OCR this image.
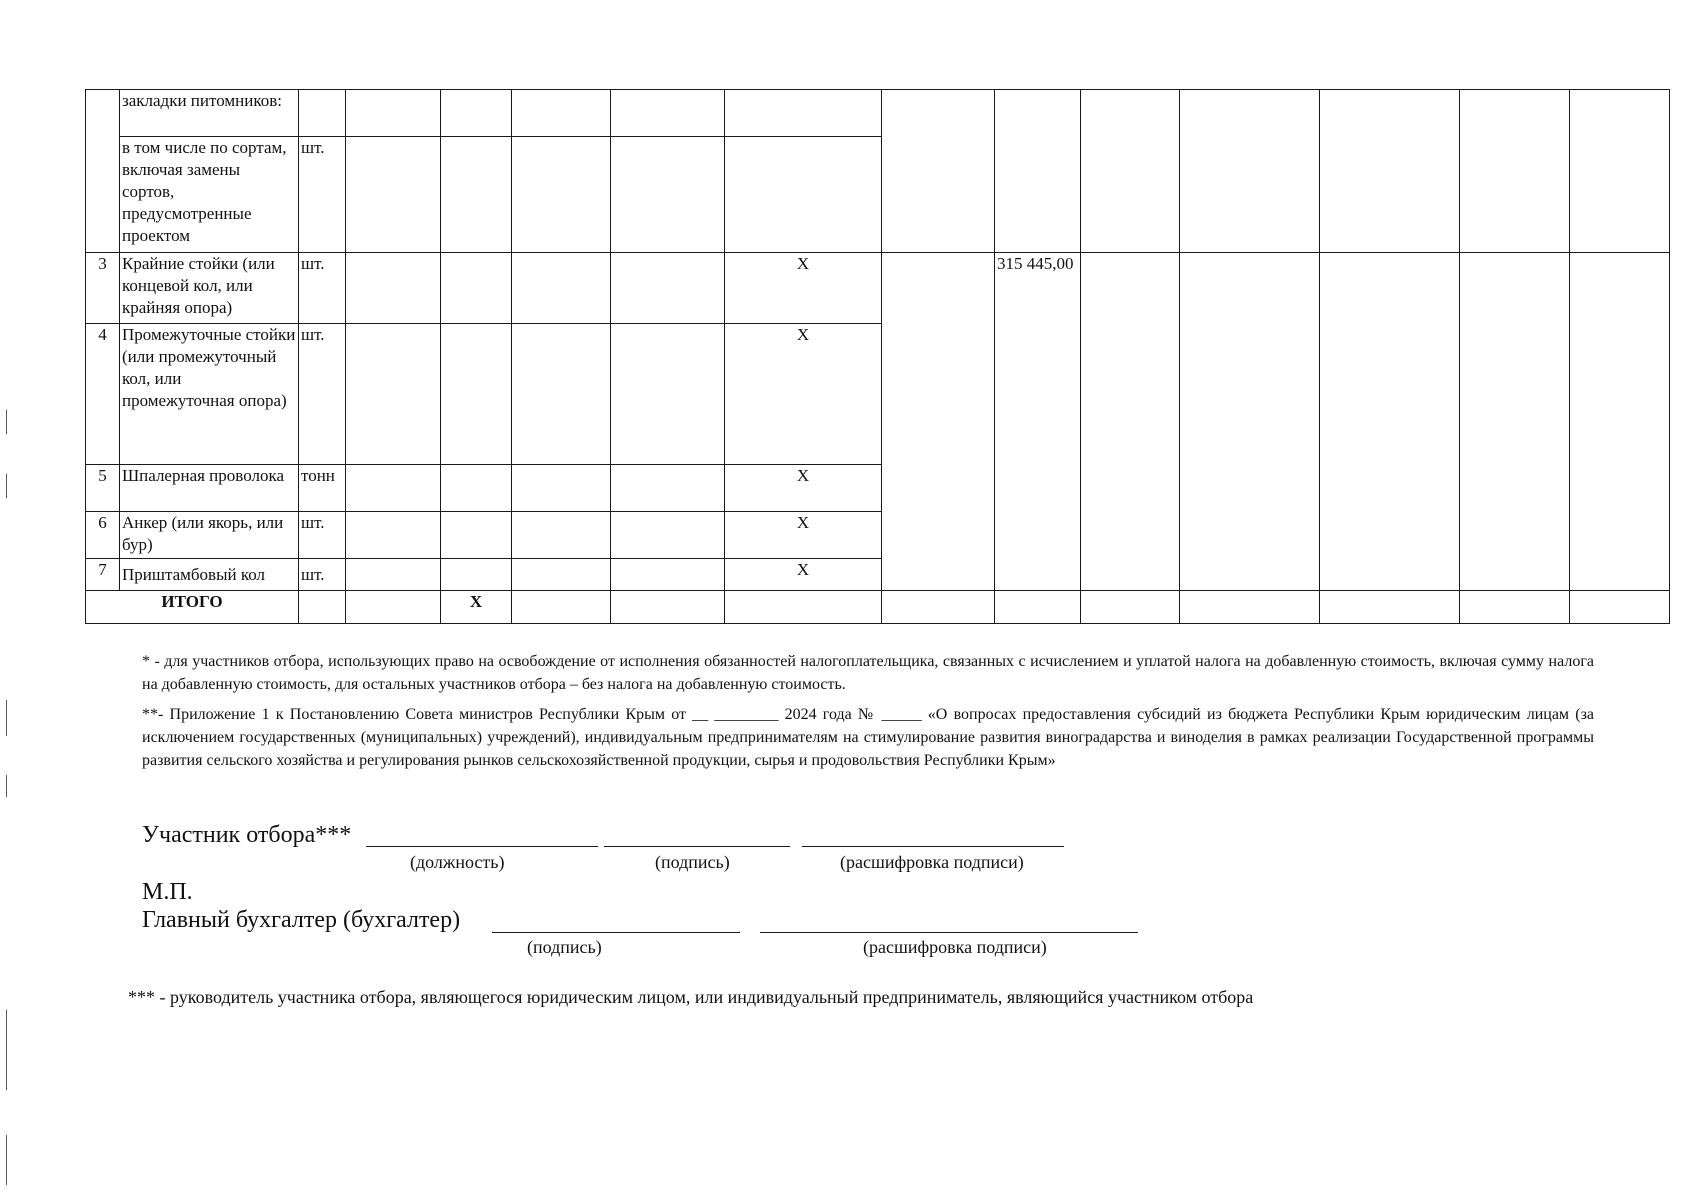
	закладки питомников:													
	в том числе по сортам, включая замены сортов, предусмотренные проектом	шт.												
3	Крайние стойки (или концевой кол, или крайняя опора)	шт.					X		315 445,00					
4	Промежуточные стойки (или промежуточный кол, или промежуточная опора)	шт.					X							
5	Шпалерная проволока	тонн					X							
6	Анкер (или якорь, или бур)	шт.					X							
7	Приштамбовый кол	шт.					X							
ИТОГО				X										
* - для участников отбора, использующих право на освобождение от исполнения обязанностей налогоплательщика, связанных с исчислением и уплатой налога на добавленную стоимость, включая сумму налога на добавленную стоимость, для остальных участников отбора – без налога на добавленную стоимость.
**- Приложение 1 к Постановлению Совета министров Республики Крым от __ ________ 2024 года № _____ «О вопросах предоставления субсидий из бюджета Республики Крым юридическим лицам (за исключением государственных (муниципальных) учреждений), индивидуальным предпринимателям на стимулирование развития виноградарства и виноделия в рамках реализации Государственной программы развития сельского хозяйства и регулирования рынков сельскохозяйственной продукции, сырья и продовольствия Республики Крым»
Участник отбора***
(должность)	(подпись)	(расшифровка подписи)
М.П.
Главный бухгалтер (бухгалтер)
(подпись)	(расшифровка подписи)
*** - руководитель участника отбора, являющегося юридическим лицом, или индивидуальный предприниматель, являющийся участником отбора
